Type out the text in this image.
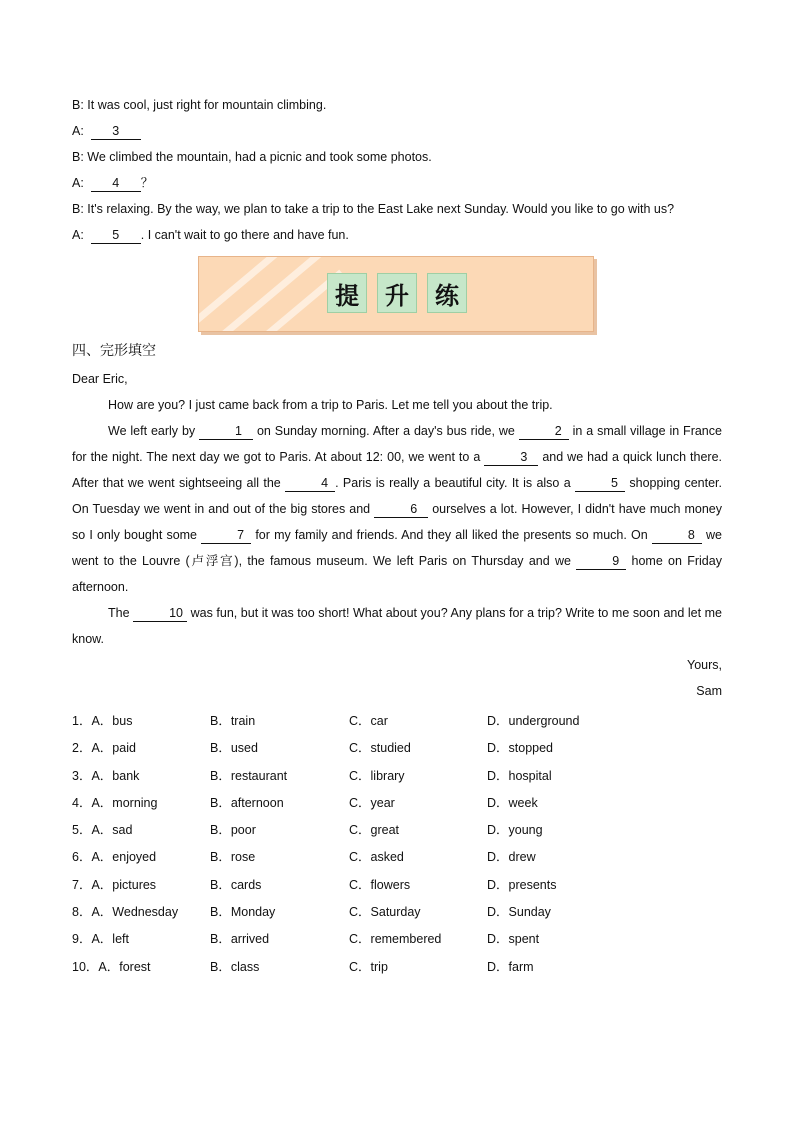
B: It was cool, just right for mountain climbing.
A: 3
B: We climbed the mountain, had a picnic and took some photos.
A: 4 ？
B: It's relaxing. By the way, we plan to take a trip to the East Lake next Sunday. Would you like to go with us?
A: 5 . I can't wait to go there and have fun.
提	升	练
四、完形填空
Dear Eric,
How are you? I just came back from a trip to Paris. Let me tell you about the trip.
We left early by	1 on Sunday morning. After a day's bus ride, we	2 in a small village in France for the night. The next day we got to Paris. At about 12: 00, we went to a	3 and we had a quick lunch there. After that we went sightseeing all the	4 . Paris is really a beautiful city. It is also a	5 shopping center. On Tuesday we went in and out of the big stores and	6 ourselves a lot. However, I didn't have much money so I only bought some	7 for my family and friends. And they all liked the presents so much. On	8 we went to the Louvre (卢浮宫), the famous museum. We left Paris on Thursday and we	9 home on Friday afternoon.
The	10 was fun, but it was too short! What about you? Any plans for a trip? Write to me soon and let me know.
Yours,
Sam
1．A．bus	B．train	C．car	D．underground
2．A．paid	B．used	C．studied	D．stopped
3．A．bank	B．restaurant	C．library	D．hospital
4．A．morning	B．afternoon	C．year	D．week
5．A．sad	B．poor	C．great	D．young
6．A．enjoyed	B．rose	C．asked	D．drew
7．A．pictures	B．cards	C．flowers	D．presents
8．A．Wednesday	B．Monday	C．Saturday	D．Sunday
9．A．left	B．arrived	C．remembered	D．spent
10．A．forest	B．class	C．trip	D．farm
